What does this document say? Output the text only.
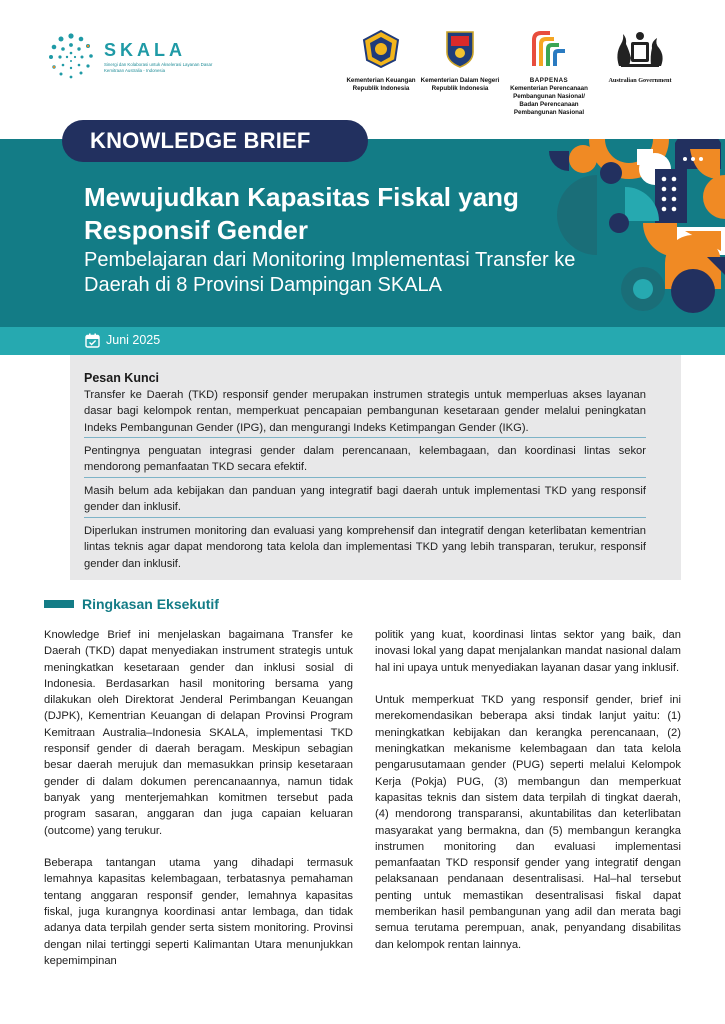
SKALA
Sinergi dan Kolaborasi untuk Akselerasi Layanan Dasar Kemitraan Australia - Indonesia
Kementerian Keuangan Republik Indonesia
Kementerian Dalam Negeri Republik Indonesia
BAPPENAS
Kementerian Perencanaan Pembangunan Nasional/ Badan Perencanaan Pembangunan Nasional
Australian Government
KNOWLEDGE BRIEF
Mewujudkan Kapasitas Fiskal yang Responsif Gender
Pembelajaran dari Monitoring Implementasi Transfer ke Daerah di 8 Provinsi Dampingan SKALA
Juni 2025
Pesan Kunci
Transfer ke Daerah (TKD) responsif gender merupakan instrumen strategis untuk memperluas akses layanan dasar bagi kelompok rentan, memperkuat pencapaian pembangunan kesetaraan gender melalui peningkatan Indeks Pembangunan Gender (IPG), dan mengurangi Indeks Ketimpangan Gender (IKG).
Pentingnya penguatan integrasi gender dalam perencanaan, kelembagaan, dan koordinasi lintas sekor mendorong pemanfaatan TKD secara efektif.
Masih belum ada kebijakan dan panduan yang integratif bagi daerah untuk implementasi TKD yang responsif gender dan inklusif.
Diperlukan instrumen monitoring dan evaluasi yang komprehensif dan integratif dengan keterlibatan kementrian lintas teknis agar dapat mendorong tata kelola dan implementasi TKD yang lebih transparan, terukur, responsif gender dan inklusif.
Ringkasan Eksekutif

Knowledge Brief ini menjelaskan bagaimana Transfer ke Daerah (TKD) dapat menyediakan instrument strategis untuk meningkatkan kesetaraan gender dan inklusi sosial di Indonesia. Berdasarkan hasil monitoring bersama yang dilakukan oleh Direktorat Jenderal Perimbangan Keuangan (DJPK), Kementrian Keuangan di delapan Provinsi Program Kemitraan Australia–Indonesia SKALA, implementasi TKD responsif gender di daerah beragam. Meskipun sebagian besar daerah merujuk dan memasukkan prinsip kesetaraan gender di dalam dokumen perencanaannya, namun tidak banyak yang menterjemahkan komitmen tersebut pada program sasaran, anggaran dan juga capaian keluaran (outcome) yang terukur.

Beberapa tantangan utama yang dihadapi termasuk lemahnya kapasitas kelembagaan, terbatasnya pemahaman tentang anggaran responsif gender, lemahnya kapasitas fiskal, juga kurangnya koordinasi antar lembaga, dan tidak adanya data terpilah gender serta sistem monitoring. Provinsi dengan nilai tertinggi seperti Kalimantan Utara menunjukkan kepemimpinan

politik yang kuat, koordinasi lintas sektor yang baik, dan inovasi lokal yang dapat menjalankan mandat nasional dalam hal ini upaya untuk menyediakan layanan dasar yang inklusif.

Untuk memperkuat TKD yang responsif gender, brief ini merekomendasikan beberapa aksi tindak lanjut yaitu: (1) meningkatkan kebijakan dan kerangka perencanaan, (2) meningkatkan mekanisme kelembagaan dan tata kelola pengarusutamaan gender (PUG) seperti melalui Kelompok Kerja (Pokja) PUG, (3) membangun dan memperkuat kapasitas teknis dan sistem data terpilah di tingkat daerah, (4) mendorong transparansi, akuntabilitas dan keterlibatan masyarakat yang bermakna, dan (5) membangun kerangka instrumen monitoring dan evaluasi implementasi pemanfaatan TKD responsif gender yang integratif dengan pelaksanaan pendanaan desentralisasi. Hal–hal tersebut penting untuk memastikan desentralisasi fiskal dapat memberikan hasil pembangunan yang adil dan merata bagi semua terutama perempuan, anak, penyandang disabilitas dan kelompok rentan lainnya.
